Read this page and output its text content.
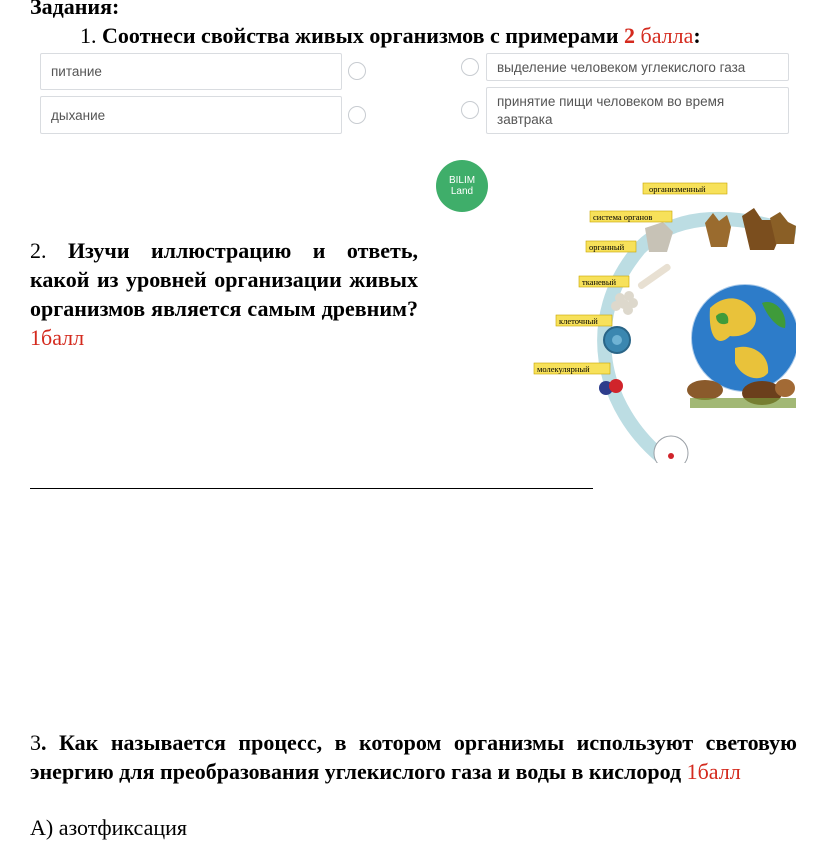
Задания:
1. Соотнеси свойства живых организмов с примерами 2 балла:
питание
дыхание
выделение человеком углекислого газа
принятие пищи человеком во время завтрака
BILIM
Land
2. Изучи иллюстрацию и ответь, какой из уровней организации живых организмов является самым древним?1балл
организменный
система органов
органный
тканевый
клеточный
молекулярный
3. Как называется процесс, в котором организмы используют световую энергию для преобразования углекислого газа и воды в кислород 1балл
А) азотфиксация
